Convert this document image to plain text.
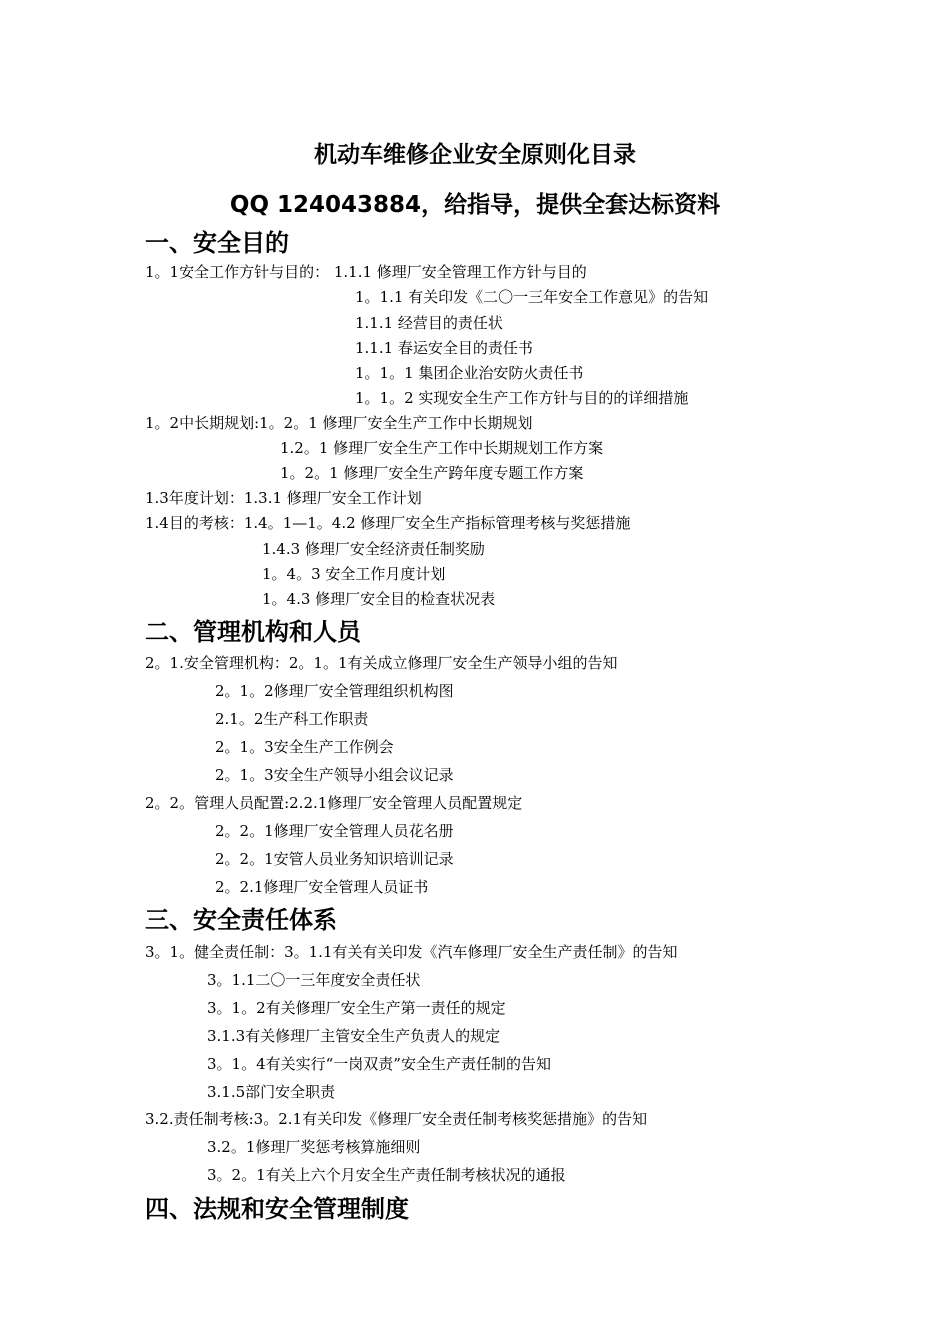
机动车维修企业安全原则化目录
QQ 124043884，给指导，提供全套达标资料
一、安全目的
1。1安全工作方针与目的： 1.1.1 修理厂安全管理工作方针与目的
1。1.1 有关印发《二〇一三年安全工作意见》的告知
1.1.1 经营目的责任状
1.1.1 春运安全目的责任书
1。1。1 集团企业治安防火责任书
1。1。2 实现安全生产工作方针与目的的详细措施
1。2中长期规划:1。2。1 修理厂安全生产工作中长期规划
1.2。1 修理厂安全生产工作中长期规划工作方案
1。2。1 修理厂安全生产跨年度专题工作方案
1.3年度计划：1.3.1 修理厂安全工作计划
1.4目的考核：1.4。1—1。4.2 修理厂安全生产指标管理考核与奖惩措施
1.4.3 修理厂安全经济责任制奖励
1。4。3 安全工作月度计划
1。4.3 修理厂安全目的检查状况表
二、管理机构和人员
2。1.安全管理机构：2。1。1有关成立修理厂安全生产领导小组的告知
2。1。2修理厂安全管理组织机构图
2.1。2生产科工作职责
2。1。3安全生产工作例会
2。1。3安全生产领导小组会议记录
2。2。管理人员配置:2.2.1修理厂安全管理人员配置规定
2。2。1修理厂安全管理人员花名册
2。2。1安管人员业务知识培训记录
2。2.1修理厂安全管理人员证书
三、安全责任体系
3。1。健全责任制：3。1.1有关有关印发《汽车修理厂安全生产责任制》的告知
3。1.1二〇一三年度安全责任状
3。1。2有关修理厂安全生产第一责任的规定
3.1.3有关修理厂主管安全生产负责人的规定
3。1。4有关实行“一岗双责”安全生产责任制的告知
3.1.5部门安全职责
3.2.责任制考核:3。2.1有关印发《修理厂安全责任制考核奖惩措施》的告知
3.2。1修理厂奖惩考核算施细则
3。2。1有关上六个月安全生产责任制考核状况的通报
四、法规和安全管理制度
